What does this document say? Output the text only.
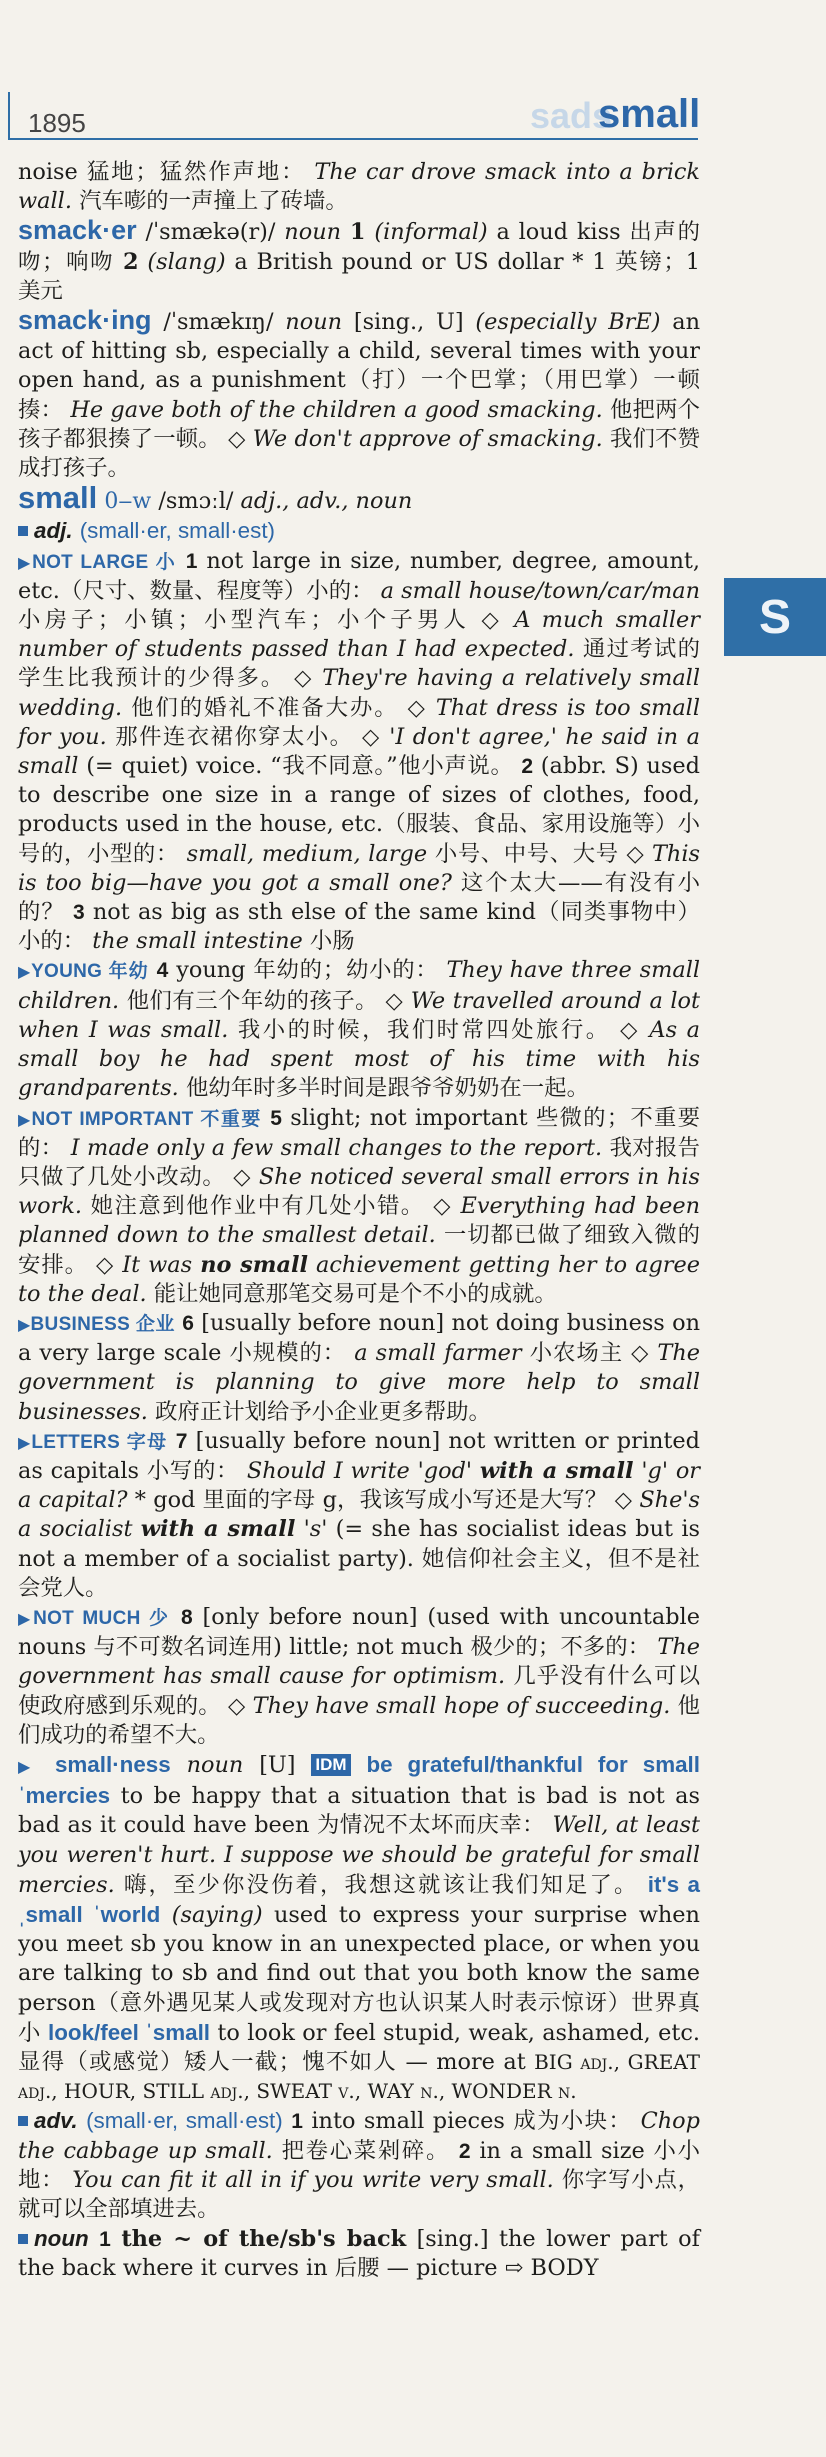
1895	sads
small
S

noise 猛地；猛然作声地： The car drove smack into a brick wall. 汽车嘭的一声撞上了砖墙。

smack·er /ˈsmækə(r)/ noun 1 (informal) a loud kiss 出声的吻；响吻 2 (slang) a British pound or US dollar * 1 英镑；1 美元

smack·ing /ˈsmækɪŋ/ noun [sing., U] (especially BrE) an act of hitting sb, especially a child, several times with your open hand, as a punishment（打）一个巴掌；（用巴掌）一顿揍： He gave both of the children a good smacking. 他把两个孩子都狠揍了一顿。 ◇ We don't approve of smacking. 我们不赞成打孩子。

small 0‒w /smɔːl/ adj., adv., noun

adj. (small·er, small·est)
▶NOT LARGE 小 1 not large in size, number, degree, amount, etc.（尺寸、数量、程度等）小的： a small house/town/car/man 小房子；小镇；小型汽车；小个子男人 ◇ A much smaller number of students passed than I had expected. 通过考试的学生比我预计的少得多。 ◇ They're having a relatively small wedding. 他们的婚礼不准备大办。 ◇ That dress is too small for you. 那件连衣裙你穿太小。 ◇ 'I don't agree,' he said in a small (= quiet) voice. “我不同意。”他小声说。 2 (abbr. S) used to describe one size in a range of sizes of clothes, food, products used in the house, etc.（服装、食品、家用设施等）小号的，小型的： small, medium, large 小号、中号、大号 ◇ This is too big—have you got a small one? 这个太大——有没有小的？ 3 not as big as sth else of the same kind（同类事物中）小的： the small intestine 小肠
▶YOUNG 年幼 4 young 年幼的；幼小的： They have three small children. 他们有三个年幼的孩子。 ◇ We travelled around a lot when I was small. 我小的时候，我们时常四处旅行。 ◇ As a small boy he had spent most of his time with his grandparents. 他幼年时多半时间是跟爷爷奶奶在一起。
▶NOT IMPORTANT 不重要 5 slight; not important 些微的；不重要的： I made only a few small changes to the report. 我对报告只做了几处小改动。 ◇ She noticed several small errors in his work. 她注意到他作业中有几处小错。 ◇ Everything had been planned down to the smallest detail. 一切都已做了细致入微的安排。 ◇ It was no small achievement getting her to agree to the deal. 能让她同意那笔交易可是个不小的成就。
▶BUSINESS 企业 6 [usually before noun] not doing business on a very large scale 小规模的： a small farmer 小农场主 ◇ The government is planning to give more help to small businesses. 政府正计划给予小企业更多帮助。
▶LETTERS 字母 7 [usually before noun] not written or printed as capitals 小写的： Should I write 'god' with a small 'g' or a capital? * god 里面的字母 g，我该写成小写还是大写？ ◇ She's a socialist with a small 's' (= she has socialist ideas but is not a member of a socialist party). 她信仰社会主义，但不是社会党人。
▶NOT MUCH 少 8 [only before noun] (used with uncountable nouns 与不可数名词连用) little; not much 极少的；不多的： The government has small cause for optimism. 几乎没有什么可以使政府感到乐观的。 ◇ They have small hope of succeeding. 他们成功的希望不大。
▶ small·ness noun [U] IDM be grateful/thankful for small ˈmercies to be happy that a situation that is bad is not as bad as it could have been 为情况不太坏而庆幸： Well, at least you weren't hurt. I suppose we should be grateful for small mercies. 嗨，至少你没伤着，我想这就该让我们知足了。 it's a ˌsmall ˈworld (saying) used to express your surprise when you meet sb you know in an unexpected place, or when you are talking to sb and find out that you both know the same person（意外遇见某人或发现对方也认识某人时表示惊讶）世界真小 look/feel ˈsmall to look or feel stupid, weak, ashamed, etc. 显得（或感觉）矮人一截；愧不如人 — more at BIG adj., GREAT adj., HOUR, STILL adj., SWEAT v., WAY n., WONDER n.

adv. (small·er, small·est) 1 into small pieces 成为小块： Chop the cabbage up small. 把卷心菜剁碎。 2 in a small size 小小地： You can fit it all in if you write very small. 你字写小点，就可以全部填进去。

noun 1 the ~ of the/sb's back [sing.] the lower part of the back where it curves in 后腰 — picture ⇨ BODY
